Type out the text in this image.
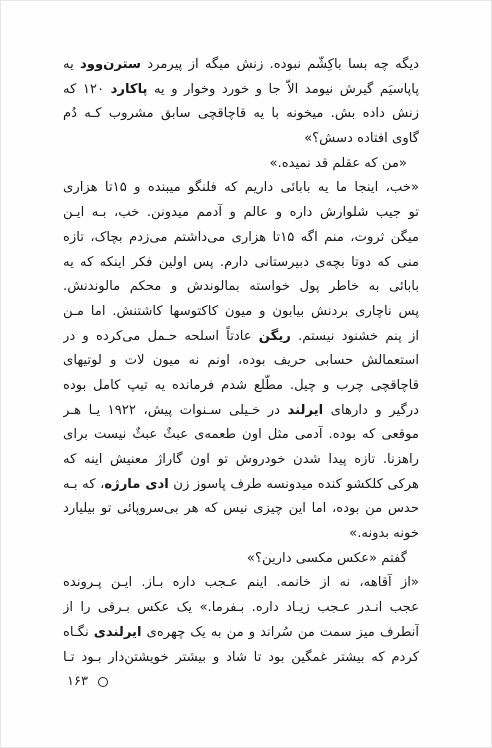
دیگه چه بسا باکِشّم نبوده. زنش میگه از پیرمرد سترن‌وود یه
پاپاسیَم گیرش نیومد الاّ جا و خورد وخوار و یه پاکارد ۱۲۰ که
زنش داده بش. میخونه با یه قاچاقچی سابق مشروب کـه دُم
گاوی افتاده دسش؟»
«من که عقلم قد نمیده.»
«خب، اینجا ما یه بابائی داریم که فلنگو میبنده و ۱۵تا هزاری
تو جیب شلوارش داره و عالم و آدمم میدونن. خب، بـه ایـن
میگن ثروت، منم اگه ۱۵تا هزاری می‌داشتم می‌زدم بچاک، تازه
منی که دوتا بچه‌ی دبیرستانی دارم. پس اولین فکر اینکه که یه
بابائی به خاطر پول خواسته بمالوندش و محکم مالوندنش.
پس ناچاری بردنش بیابون و میون کاکتوسها کاشتنش. اما مـن
از پنم خشنود نیستم. ریگن عادتاً اسلحه حـمل می‌کرده و در
استعمالش حسابی حریف بوده، اونم نه میون لات و لوتیهای
قاچاقچی چرب و چیل. مطّلع شدم فرمانده یه تیپ کامل بوده
درگیر و دارهای ایرلند در خـیلی سـنوات پیش، ۱۹۲۲ یـا هـر
موقعی که بوده. آدمی مثل اون طعمه‌ی عبثٌ عبثٌ نیست برای
راهزنا. تازه پیدا شدن خودروش تو اون گاراژ معنیش اینه که
هرکی کلکشو کنده میدونسه طرف پاسوز زن ادی مارژه، که بـه
حدس من بوده، اما این چیزی نیس که هر بی‌سروپائی تو بیلیارد
خونه بدونه.»
گفتم «عکس مکسی دارین؟»
«از آقاهه، نه از خانمه. اینم عـجب داره بـاز. ایـن پـرونده
عجب انـدر عـجب زیـاد داره. بـفرما.» یک عکس بـرقی را از
آنطرف میز سمت من سُراند و من به یک چهره‌ی ایرلندی نگـاه
کردم که بیشتر غمگین بود تا شاد و بیشتر خویشتن‌دار بـود تـا
۱۶۳
